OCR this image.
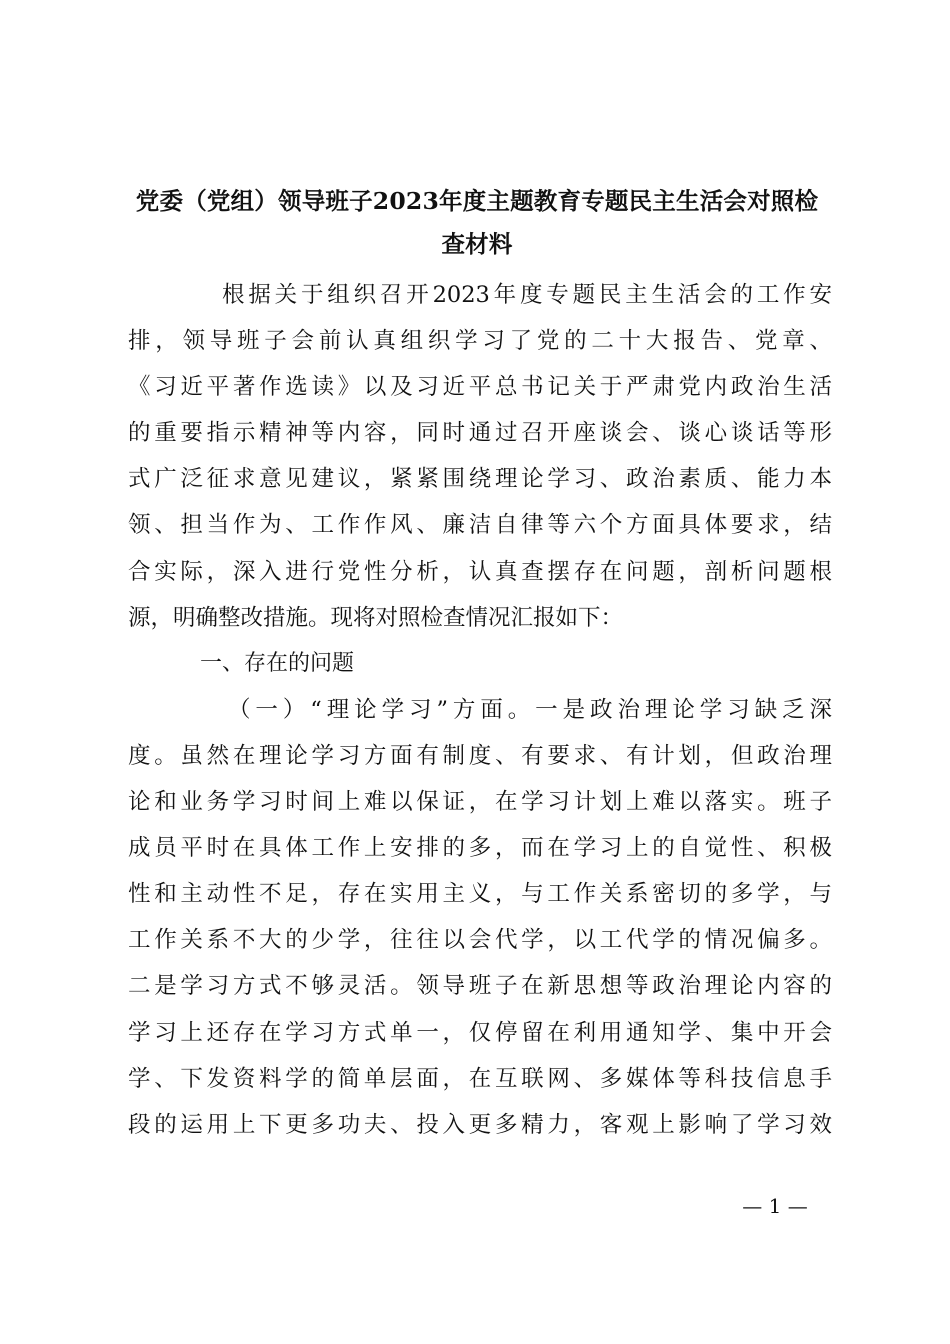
党委（党组）领导班子2023年度主题教育专题民主生活会对照检
查材料
根据关于组织召开2023年度专题民主生活会的工作安
排，领导班子会前认真组织学习了党的二十大报告、党章、
《习近平著作选读》以及习近平总书记关于严肃党内政治生活
的重要指示精神等内容，同时通过召开座谈会、谈心谈话等形
式广泛征求意见建议，紧紧围绕理论学习、政治素质、能力本
领、担当作为、工作作风、廉洁自律等六个方面具体要求，结
合实际，深入进行党性分析，认真查摆存在问题，剖析问题根
源，明确整改措施。现将对照检查情况汇报如下：
一、存在的问题
（一）“理论学习”方面。一是政治理论学习缺乏深
度。虽然在理论学习方面有制度、有要求、有计划，但政治理
论和业务学习时间上难以保证，在学习计划上难以落实。班子
成员平时在具体工作上安排的多，而在学习上的自觉性、积极
性和主动性不足，存在实用主义，与工作关系密切的多学，与
工作关系不大的少学，往往以会代学，以工代学的情况偏多。
二是学习方式不够灵活。领导班子在新思想等政治理论内容的
学习上还存在学习方式单一，仅停留在利用通知学、集中开会
学、下发资料学的简单层面，在互联网、多媒体等科技信息手
段的运用上下更多功夫、投入更多精力，客观上影响了学习效

— 1 —
